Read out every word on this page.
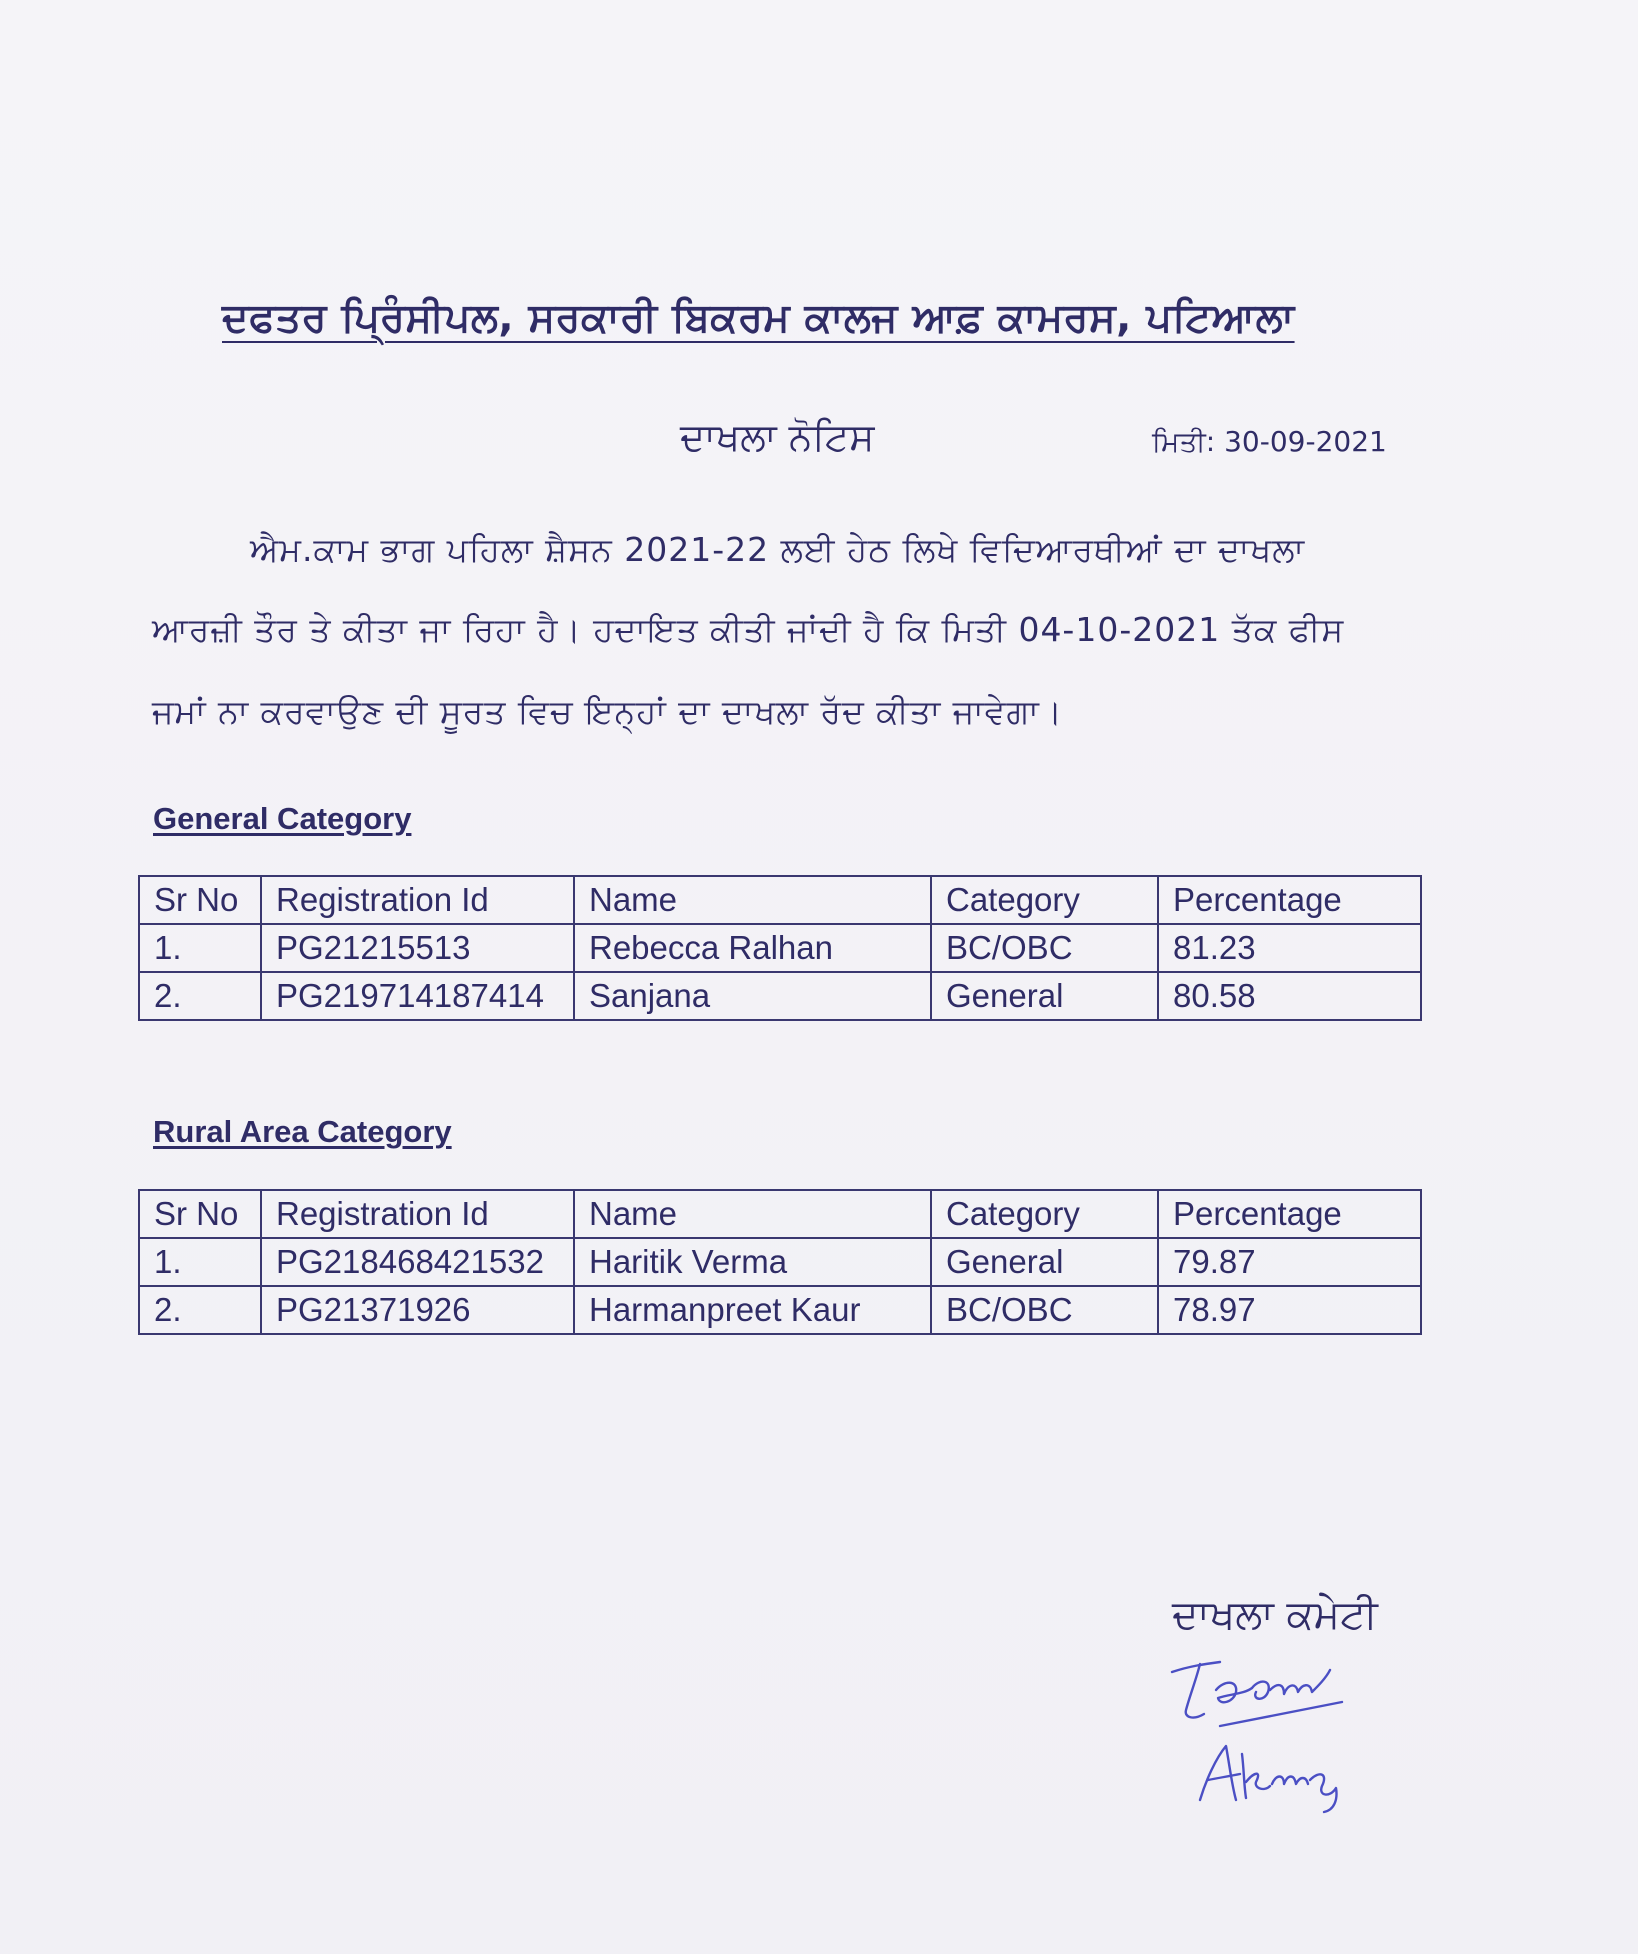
ਦਫਤਰ ਪ੍ਰਿੰਸੀਪਲ, ਸਰਕਾਰੀ ਬਿਕਰਮ ਕਾਲਜ ਆਫ਼ ਕਾਮਰਸ, ਪਟਿਆਲਾ
ਦਾਖਲਾ ਨੋਟਿਸ	ਮਿਤੀ: 30-09-2021
ਐਮ.ਕਾਮ ਭਾਗ ਪਹਿਲਾ ਸ਼ੈਸਨ 2021-22 ਲਈ ਹੇਠ ਲਿਖੇ ਵਿਦਿਆਰਥੀਆਂ ਦਾ ਦਾਖਲਾ
ਆਰਜ਼ੀ ਤੌਰ ਤੇ ਕੀਤਾ ਜਾ ਰਿਹਾ ਹੈ। ਹਦਾਇਤ ਕੀਤੀ ਜਾਂਦੀ ਹੈ ਕਿ ਮਿਤੀ 04-10-2021 ਤੱਕ ਫੀਸ
ਜਮਾਂ ਨਾ ਕਰਵਾਉਣ ਦੀ ਸੂਰਤ ਵਿਚ ਇਨ੍ਹਾਂ ਦਾ ਦਾਖਲਾ ਰੱਦ ਕੀਤਾ ਜਾਵੇਗਾ।
General Category
Sr No	Registration Id	Name	Category	Percentage
1.	PG21215513	Rebecca Ralhan	BC/OBC	81.23
2.	PG219714187414	Sanjana	General	80.58
Rural Area Category
Sr No	Registration Id	Name	Category	Percentage
1.	PG218468421532	Haritik Verma	General	79.87
2.	PG21371926	Harmanpreet Kaur	BC/OBC	78.97
ਦਾਖਲਾ ਕਮੇਟੀ
